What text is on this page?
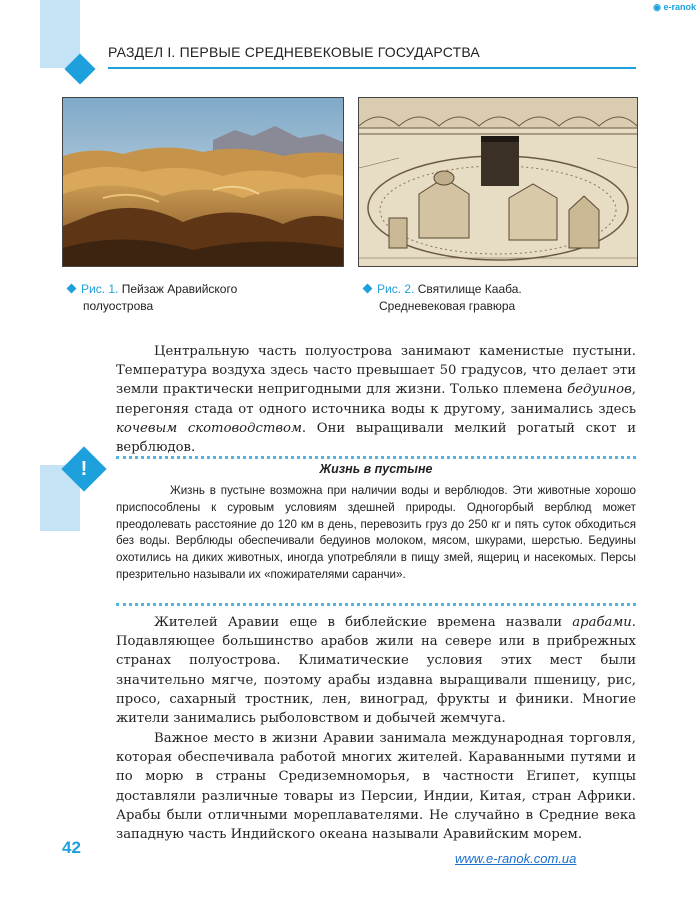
◉ e-ranok
РАЗДЕЛ I. ПЕРВЫЕ СРЕДНЕВЕКОВЫЕ ГОСУДАРСТВА
Рис. 1. Пейзаж Аравийского
полуострова
Рис. 2. Святилище Кааба.
Средневековая гравюра

Центральную часть полуострова занимают каменистые пустыни. Температура воздуха здесь часто превышает 50 градусов, что делает эти земли практически непригодными для жизни. Только племена бедуинов, перегоняя стада от одного источника воды к другому, занимались здесь кочевым скотоводством. Они выращивали мелкий рогатый скот и верблюдов.

!	Жизнь в пустыне

Жизнь в пустыне возможна при наличии воды и верблюдов. Эти животные хорошо приспособлены к суровым условиям здешней природы. Одногорбый верблюд может преодолевать расстояние до 120 км в день, перевозить груз до 250 кг и пять суток обходиться без воды. Верблюды обеспечивали бедуинов молоком, мясом, шкурами, шерстью. Бедуины охотились на диких животных, иногда употребляли в пищу змей, ящериц и насекомых. Персы презрительно называли их «пожирателями саранчи».

Жителей Аравии еще в библейские времена назвали арабами. Подавляющее большинство арабов жили на севере или в прибрежных странах полуострова. Климатические условия этих мест были значительно мягче, поэтому арабы издавна выращивали пшеницу, рис, просо, сахарный тростник, лен, виноград, фрукты и финики. Многие жители занимались рыболовством и добычей жемчуга.

Важное место в жизни Аравии занимала международная торговля, которая обеспечивала работой многих жителей. Караванными путями и по морю в страны Средиземноморья, в частности Египет, купцы доставляли различные товары из Персии, Индии, Китая, стран Африки. Арабы были отличными мореплавателями. Не случайно в Средние века западную часть Индийского океана называли Аравийским морем.

42
www.e-ranok.com.ua
